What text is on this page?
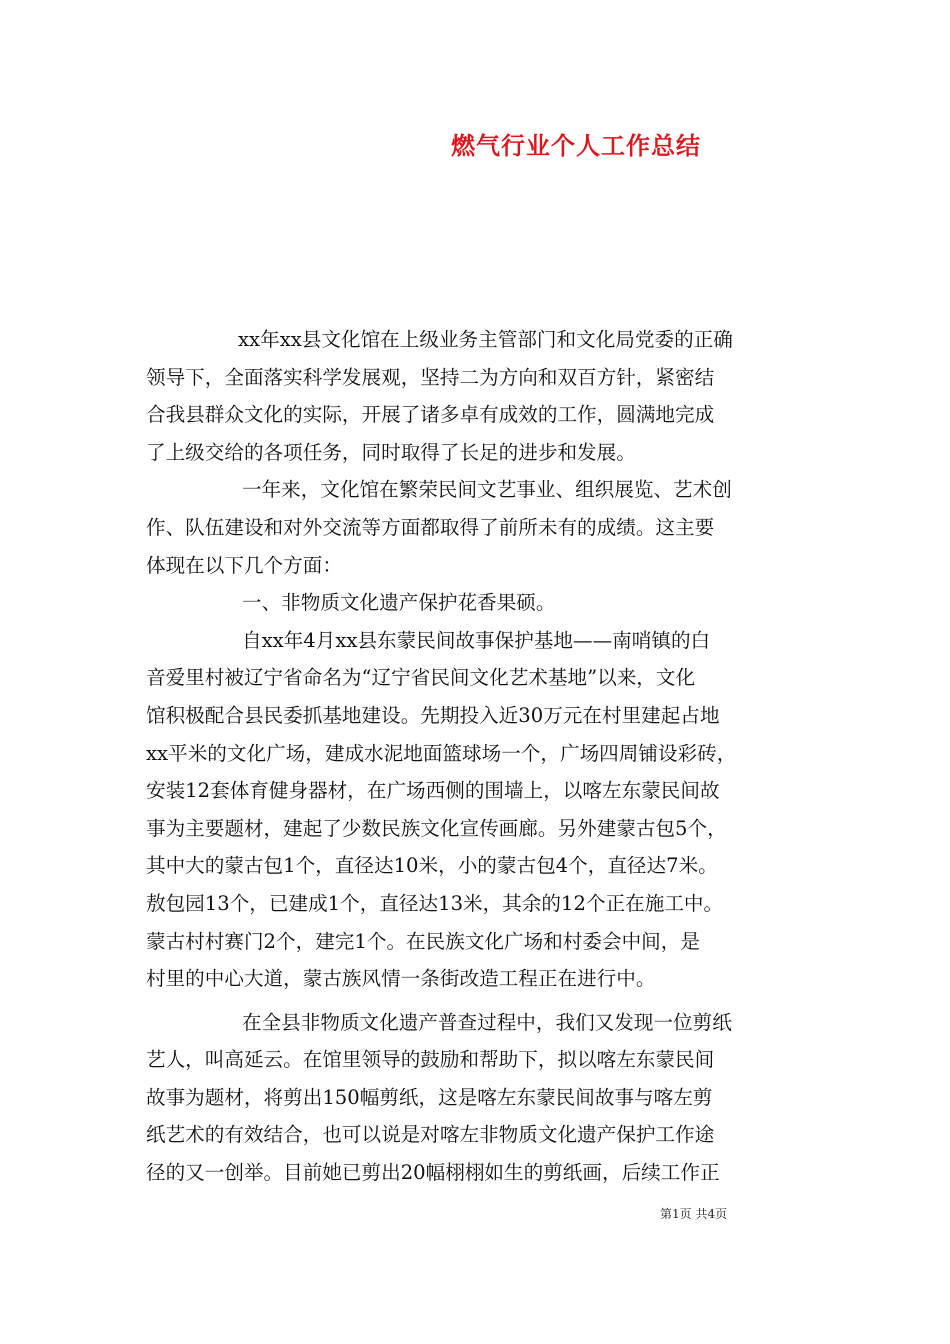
燃气行业个人工作总结
xx年xx县文化馆在上级业务主管部门和文化局党委的正确
领导下，全面落实科学发展观，坚持二为方向和双百方针，紧密结
合我县群众文化的实际，开展了诸多卓有成效的工作，圆满地完成
了上级交给的各项任务，同时取得了长足的进步和发展。
一年来，文化馆在繁荣民间文艺事业、组织展览、艺术创
作、队伍建设和对外交流等方面都取得了前所未有的成绩。这主要
体现在以下几个方面：
一、非物质文化遗产保护花香果硕。
自xx年4月xx县东蒙民间故事保护基地——南哨镇的白
音爱里村被辽宁省命名为“辽宁省民间文化艺术基地”以来，文化
馆积极配合县民委抓基地建设。先期投入近30万元在村里建起占地
xx平米的文化广场，建成水泥地面篮球场一个，广场四周铺设彩砖，
安装12套体育健身器材，在广场西侧的围墙上，以喀左东蒙民间故
事为主要题材，建起了少数民族文化宣传画廊。另外建蒙古包5个，
其中大的蒙古包1个，直径达10米，小的蒙古包4个，直径达7米。
敖包园13个，已建成1个，直径达13米，其余的12个正在施工中。
蒙古村村赛门2个，建完1个。在民族文化广场和村委会中间，是
村里的中心大道，蒙古族风情一条街改造工程正在进行中。
在全县非物质文化遗产普查过程中，我们又发现一位剪纸
艺人，叫高延云。在馆里领导的鼓励和帮助下，拟以喀左东蒙民间
故事为题材，将剪出150幅剪纸，这是喀左东蒙民间故事与喀左剪
纸艺术的有效结合，也可以说是对喀左非物质文化遗产保护工作途
径的又一创举。目前她已剪出20幅栩栩如生的剪纸画，后续工作正
第1页 共4页
